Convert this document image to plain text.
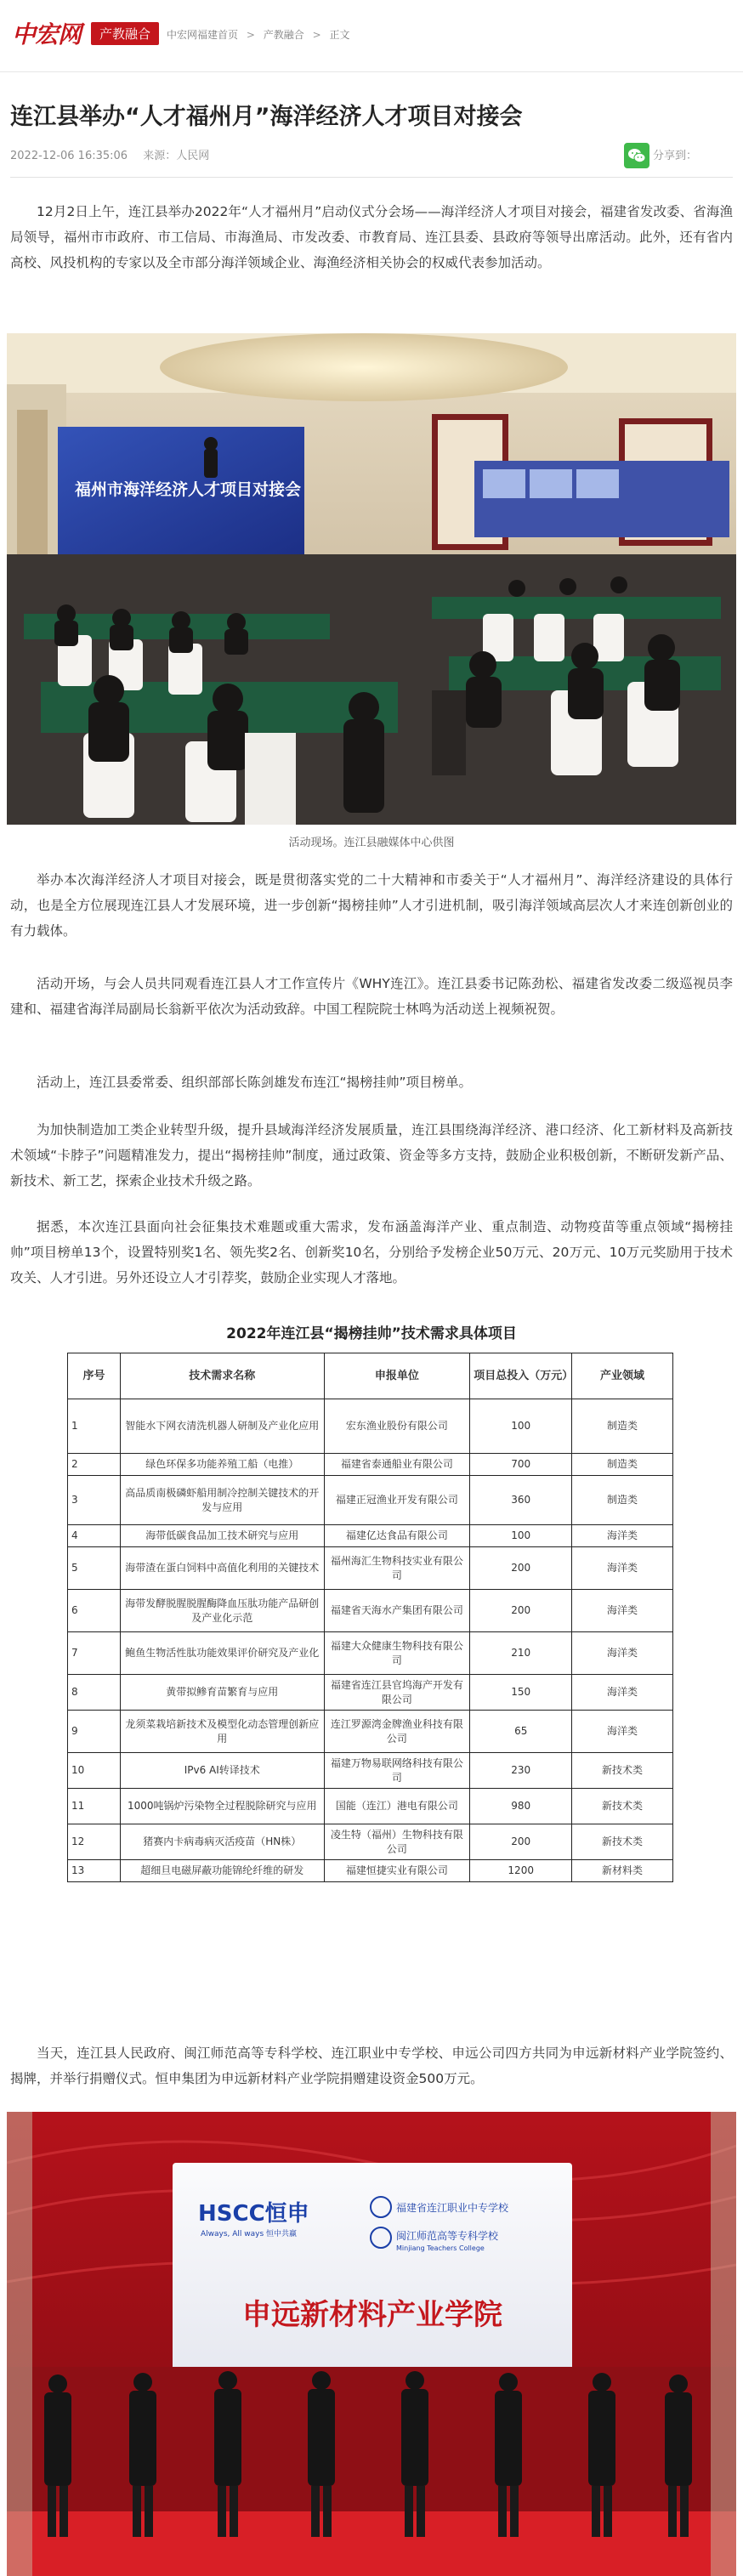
中宏网	产教融合	中宏网福建首页 > 产教融合 > 正文
连江县举办“人才福州月”海洋经济人才项目对接会
2022-12-06 16:35:06 来源：人民网	分享到：

12月2日上午，连江县举办2022年“人才福州月”启动仪式分会场——海洋经济人才项目对接会，福建省发改委、省海渔局领导，福州市市政府、市工信局、市海渔局、市发改委、市教育局、连江县委、县政府等领导出席活动。此外，还有省内高校、风投机构的专家以及全市部分海洋领域企业、海渔经济相关协会的权威代表参加活动。

福州市海洋经济人才项目对接会
活动现场。连江县融媒体中心供图

举办本次海洋经济人才项目对接会，既是贯彻落实党的二十大精神和市委关于“人才福州月”、海洋经济建设的具体行动，也是全方位展现连江县人才发展环境，进一步创新“揭榜挂帅”人才引进机制，吸引海洋领域高层次人才来连创新创业的有力载体。

活动开场，与会人员共同观看连江县人才工作宣传片《WHY连江》。连江县委书记陈劲松、福建省发改委二级巡视员李建和、福建省海洋局副局长翁新平依次为活动致辞。中国工程院院士林鸣为活动送上视频祝贺。

活动上，连江县委常委、组织部部长陈剑雄发布连江“揭榜挂帅”项目榜单。

为加快制造加工类企业转型升级，提升县域海洋经济发展质量，连江县围绕海洋经济、港口经济、化工新材料及高新技术领域“卡脖子”问题精准发力，提出“揭榜挂帅”制度，通过政策、资金等多方支持，鼓励企业积极创新，不断研发新产品、新技术、新工艺，探索企业技术升级之路。

据悉，本次连江县面向社会征集技术难题或重大需求，发布涵盖海洋产业、重点制造、动物疫苗等重点领域“揭榜挂帅”项目榜单13个，设置特别奖1名、领先奖2名、创新奖10名，分别给予发榜企业50万元、20万元、10万元奖励用于技术攻关、人才引进。另外还设立人才引荐奖，鼓励企业实现人才落地。

2022年连江县“揭榜挂帅”技术需求具体项目
序号	技术需求名称	申报单位	项目总投入（万元）	产业领域
1	智能水下网衣清洗机器人研制及产业化应用	宏东渔业股份有限公司	100	制造类
2	绿色环保多功能养殖工船（电推）	福建省泰通船业有限公司	700	制造类
3	高品质南极磷虾船用制冷控制关键技术的开发与应用	福建正冠渔业开发有限公司	360	制造类
4	海带低碳食品加工技术研究与应用	福建亿达食品有限公司	100	海洋类
5	海带渣在蛋白饲料中高值化利用的关键技术	福州海汇生物科技实业有限公司	200	海洋类
6	海带发酵脱腥脱腥酶降血压肽功能产品研创及产业化示范	福建省天海水产集团有限公司	200	海洋类
7	鲍鱼生物活性肽功能效果评价研究及产业化	福建大众健康生物科技有限公司	210	海洋类
8	黄带拟鲹育苗繁育与应用	福建省连江县官坞海产开发有限公司	150	海洋类
9	龙须菜栽培新技术及模型化动态管理创新应用	连江罗源湾金牌渔业科技有限公司	65	海洋类
10	IPv6 AI转译技术	福建万物易联网络科技有限公司	230	新技术类
11	1000吨锅炉污染物全过程脱除研究与应用	国能（连江）港电有限公司	980	新技术类
12	猪赛内卡病毒病灭活疫苗（HN株）	凌生特（福州）生物科技有限公司	200	新技术类
13	超细旦电磁屏蔽功能锦纶纤维的研发	福建恒捷实业有限公司	1200	新材料类

当天，连江县人民政府、闽江师范高等专科学校、连江职业中专学校、申远公司四方共同为申远新材料产业学院签约、揭牌，并举行捐赠仪式。恒申集团为申远新材料产业学院捐赠建设资金500万元。

HSCC恒申
Always, All ways 恒中共赢
福建省连江职业中专学校
闽江师范高等专科学校
Minjiang Teachers College
申远新材料产业学院
